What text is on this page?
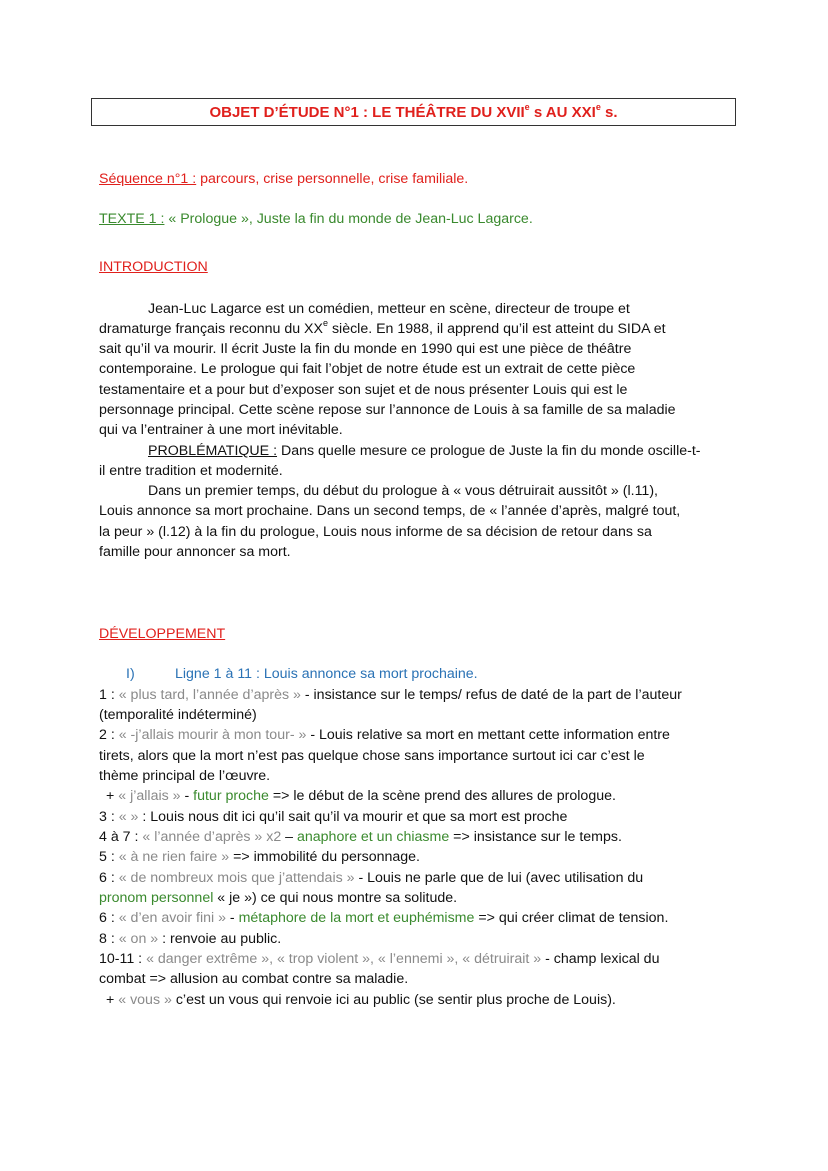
OBJET D’ÉTUDE N°1 : LE THÉÂTRE DU XVIIe s AU XXIe s.
Séquence n°1 : parcours, crise personnelle, crise familiale.
TEXTE 1 : « Prologue », Juste la fin du monde de Jean-Luc Lagarce.
INTRODUCTION
Jean-Luc Lagarce est un comédien, metteur en scène, directeur de troupe et
dramaturge français reconnu du XXe siècle. En 1988, il apprend qu’il est atteint du SIDA et
sait qu’il va mourir. Il écrit Juste la fin du monde en 1990 qui est une pièce de théâtre
contemporaine. Le prologue qui fait l’objet de notre étude est un extrait de cette pièce
testamentaire et a pour but d’exposer son sujet et de nous présenter Louis qui est le
personnage principal. Cette scène repose sur l’annonce de Louis à sa famille de sa maladie
qui va l’entrainer à une mort inévitable.
PROBLÉMATIQUE : Dans quelle mesure ce prologue de Juste la fin du monde oscille-t-
il entre tradition et modernité.
Dans un premier temps, du début du prologue à « vous détruirait aussitôt » (l.11),
Louis annonce sa mort prochaine. Dans un second temps, de « l’année d’après, malgré tout,
la peur » (l.12) à la fin du prologue, Louis nous informe de sa décision de retour dans sa
famille pour annoncer sa mort.
DÉVELOPPEMENT
I)	Ligne 1 à 11 : Louis annonce sa mort prochaine.
1 : « plus tard, l’année d’après » - insistance sur le temps/ refus de daté de la part de l’auteur
(temporalité indéterminé)
2 : « -j’allais mourir à mon tour- » - Louis relative sa mort en mettant cette information entre
tirets, alors que la mort n’est pas quelque chose sans importance surtout ici car c’est le
thème principal de l’œuvre.
+ « j’allais » - futur proche => le début de la scène prend des allures de prologue.
3 : « » : Louis nous dit ici qu’il sait qu’il va mourir et que sa mort est proche
4 à 7 : « l’année d’après » x2 – anaphore et un chiasme => insistance sur le temps.
5 : « à ne rien faire » => immobilité du personnage.
6 : « de nombreux mois que j’attendais » - Louis ne parle que de lui (avec utilisation du
pronom personnel « je ») ce qui nous montre sa solitude.
6 : « d’en avoir fini » - métaphore de la mort et euphémisme => qui créer climat de tension.
8 : « on » : renvoie au public.
10-11 : « danger extrême », « trop violent », « l’ennemi », « détruirait » - champ lexical du
combat => allusion au combat contre sa maladie.
+ « vous » c’est un vous qui renvoie ici au public (se sentir plus proche de Louis).
